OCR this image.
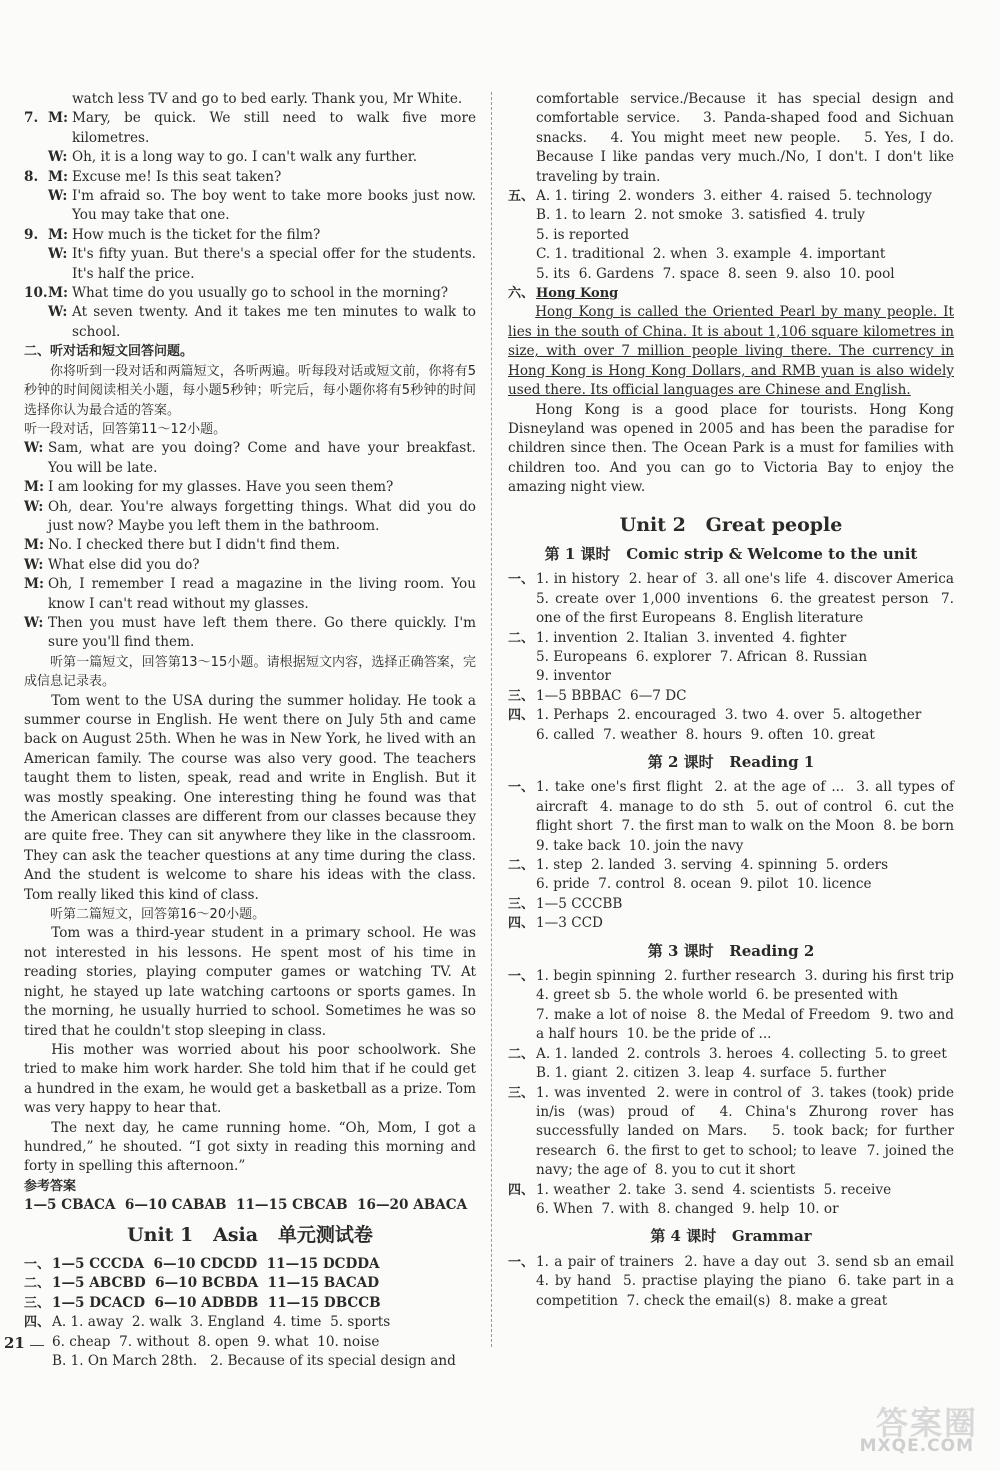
watch less TV and go to bed early. Thank you, Mr White.
7. M: Mary, be quick. We still need to walk five more kilometres.
W: Oh, it is a long way to go. I can't walk any further.
8. M: Excuse me! Is this seat taken?
W: I'm afraid so. The boy went to take more books just now. You may take that one.
9. M: How much is the ticket for the film?
W: It's fifty yuan. But there's a special offer for the students. It's half the price.
10. M: What time do you usually go to school in the morning?
W: At seven twenty. And it takes me ten minutes to walk to school.
二、听对话和短文回答问题。
你将听到一段对话和两篇短文，各听两遍。听每段对话或短文前，你将有5秒钟的时间阅读相关小题，每小题5秒钟；听完后，每小题你将有5秒钟的时间选择你认为最合适的答案。
听一段对话，回答第11～12小题。
W: Sam, what are you doing? Come and have your breakfast. You will be late.
M: I am looking for my glasses. Have you seen them?
W: Oh, dear. You're always forgetting things. What did you do just now? Maybe you left them in the bathroom.
M: No. I checked there but I didn't find them.
W: What else did you do?
M: Oh, I remember I read a magazine in the living room. You know I can't read without my glasses.
W: Then you must have left them there. Go there quickly. I'm sure you'll find them.
听第一篇短文，回答第13～15小题。请根据短文内容，选择正确答案，完成信息记录表。
Tom went to the USA during the summer holiday. He took a summer course in English. He went there on July 5th and came back on August 25th. When he was in New York, he lived with an American family. The course was also very good. The teachers taught them to listen, speak, read and write in English. But it was mostly speaking. One interesting thing he found was that the American classes are different from our classes because they are quite free. They can sit anywhere they like in the classroom. They can ask the teacher questions at any time during the class. And the student is welcome to share his ideas with the class. Tom really liked this kind of class.
听第二篇短文，回答第16～20小题。
Tom was a third-year student in a primary school. He was not interested in his lessons. He spent most of his time in reading stories, playing computer games or watching TV. At night, he stayed up late watching cartoons or sports games. In the morning, he usually hurried to school. Sometimes he was so tired that he couldn't stop sleeping in class.
His mother was worried about his poor schoolwork. She tried to make him work harder. She told him that if he could get a hundred in the exam, he would get a basketball as a prize. Tom was very happy to hear that.
The next day, he came running home. “Oh, Mom, I got a hundred,” he shouted. “I got sixty in reading this morning and forty in spelling this afternoon.”
参考答案
1—5 CBACA  6—10 CABAB  11—15 CBCAB  16—20 ABACA
Unit 1   Asia   单元测试卷
一、 1—5 CCCDA  6—10 CDCDD  11—15 DCDDA
二、 1—5 ABCBD  6—10 BCBDA  11—15 BACAD
三、 1—5 DCACD  6—10 ADBDB  11—15 DBCCB
四、 A. 1. away  2. walk  3. England  4. time  5. sports
6. cheap  7. without  8. open  9. what  10. noise
B. 1. On March 28th.   2. Because of its special design and
comfortable service./Because it has special design and comfortable service.   3. Panda-shaped food and Sichuan snacks.   4. You might meet new people.   5. Yes, I do. Because I like pandas very much./No, I don't. I don't like traveling by train.
五、 A. 1. tiring  2. wonders  3. either  4. raised  5. technology
B. 1. to learn  2. not smoke  3. satisfied  4. truly
5. is reported
C. 1. traditional  2. when  3. example  4. important
5. its  6. Gardens  7. space  8. seen  9. also  10. pool
六、 Hong Kong
Hong Kong is called the Oriented Pearl by many people. It lies in the south of China. It is about 1,106 square kilometres in size, with over 7 million people living there. The currency in Hong Kong is Hong Kong Dollars, and RMB yuan is also widely used there. Its official languages are Chinese and English.
Hong Kong is a good place for tourists. Hong Kong Disneyland was opened in 2005 and has been the paradise for children since then. The Ocean Park is a must for families with children too. And you can go to Victoria Bay to enjoy the amazing night view.
Unit 2   Great people
第 1 课时   Comic strip & Welcome to the unit
一、 1. in history  2. hear of  3. all one's life  4. discover America  5. create over 1,000 inventions  6. the greatest person  7. one of the first Europeans  8. English literature
二、 1. invention  2. Italian  3. invented  4. fighter
5. Europeans  6. explorer  7. African  8. Russian
9. inventor
三、 1—5 BBBAC  6—7 DC
四、 1. Perhaps  2. encouraged  3. two  4. over  5. altogether
6. called  7. weather  8. hours  9. often  10. great
第 2 课时   Reading 1
一、 1. take one's first flight  2. at the age of ...  3. all types of aircraft  4. manage to do sth  5. out of control  6. cut the flight short  7. the first man to walk on the Moon  8. be born  9. take back  10. join the navy
二、 1. step  2. landed  3. serving  4. spinning  5. orders
6. pride  7. control  8. ocean  9. pilot  10. licence
三、 1—5 CCCBB
四、 1—3 CCD
第 3 课时   Reading 2
一、 1. begin spinning  2. further research  3. during his first trip  4. greet sb  5. the whole world  6. be presented with
7. make a lot of noise  8. the Medal of Freedom  9. two and a half hours  10. be the pride of ...
二、 A. 1. landed  2. controls  3. heroes  4. collecting  5. to greet
B. 1. giant  2. citizen  3. leap  4. surface  5. further
三、 1. was invented  2. were in control of  3. takes (took) pride in/is (was) proud of  4. China's Zhurong rover has successfully landed on Mars.   5. took back; for further research  6. the first to get to school; to leave  7. joined the navy; the age of  8. you to cut it short
四、 1. weather  2. take  3. send  4. scientists  5. receive
6. When  7. with  8. changed  9. help  10. or
第 4 课时   Grammar
一、 1. a pair of trainers  2. have a day out  3. send sb an email  4. by hand  5. practise playing the piano  6. take part in a competition  7. check the email(s)  8. make a great
21
答案圈
MXQE.COM
